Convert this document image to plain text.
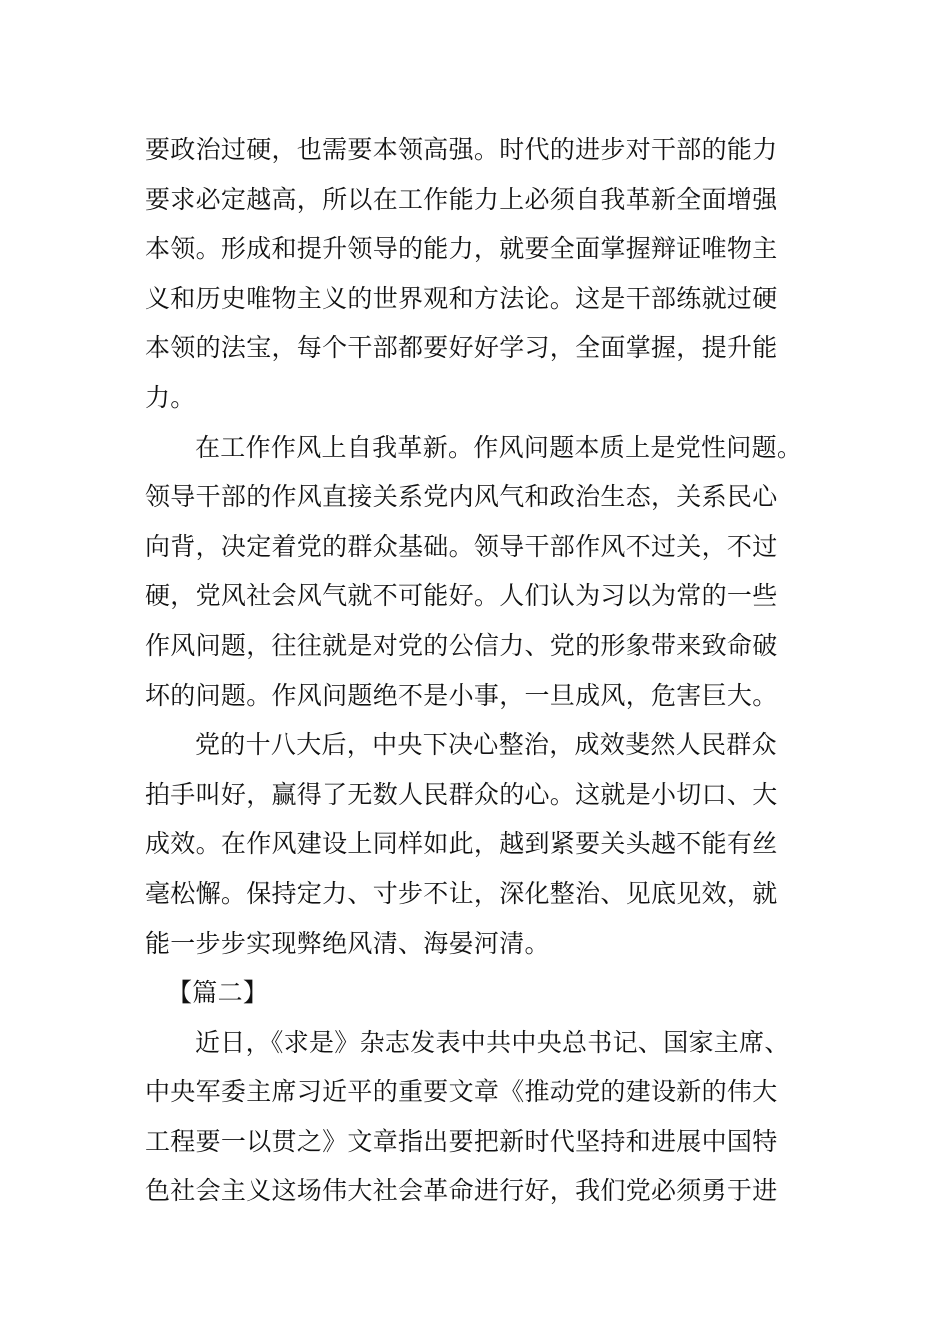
要政治过硬，也需要本领高强。时代的进步对干部的能力
要求必定越高，所以在工作能力上必须自我革新全面增强
本领。形成和提升领导的能力，就要全面掌握辩证唯物主
义和历史唯物主义的世界观和方法论。这是干部练就过硬
本领的法宝，每个干部都要好好学习，全面掌握，提升能
力。
在工作作风上自我革新。作风问题本质上是党性问题。
领导干部的作风直接关系党内风气和政治生态，关系民心
向背，决定着党的群众基础。领导干部作风不过关，不过
硬，党风社会风气就不可能好。人们认为习以为常的一些
作风问题，往往就是对党的公信力、党的形象带来致命破
坏的问题。作风问题绝不是小事，一旦成风，危害巨大。
党的十八大后，中央下决心整治，成效斐然人民群众
拍手叫好，赢得了无数人民群众的心。这就是小切口、大
成效。在作风建设上同样如此，越到紧要关头越不能有丝
毫松懈。保持定力、寸步不让，深化整治、见底见效，就
能一步步实现弊绝风清、海晏河清。
【篇二】
近日，《求是》杂志发表中共中央总书记、国家主席、
中央军委主席习近平的重要文章《推动党的建设新的伟大
工程要一以贯之》文章指出要把新时代坚持和进展中国特
色社会主义这场伟大社会革命进行好，我们党必须勇于进
